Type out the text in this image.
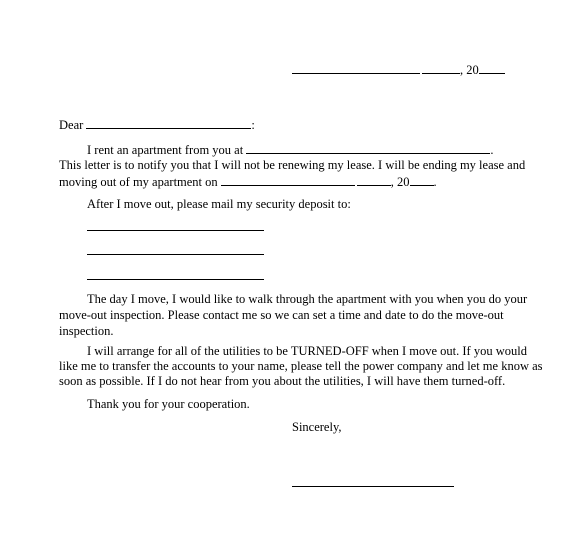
, 20
Dear	:
I rent an apartment from you at	.
This letter is to notify you that I will not be renewing my lease. I will be ending my lease and
moving out of my apartment on	, 20 .
After I move out, please mail my security deposit to:
The day I move, I would like to walk through the apartment with you when you do your
move-out inspection. Please contact me so we can set a time and date to do the move-out
inspection.
I will arrange for all of the utilities to be TURNED-OFF when I move out. If you would
like me to transfer the accounts to your name, please tell the power company and let me know as
soon as possible. If I do not hear from you about the utilities, I will have them turned-off.
Thank you for your cooperation.
Sincerely,
